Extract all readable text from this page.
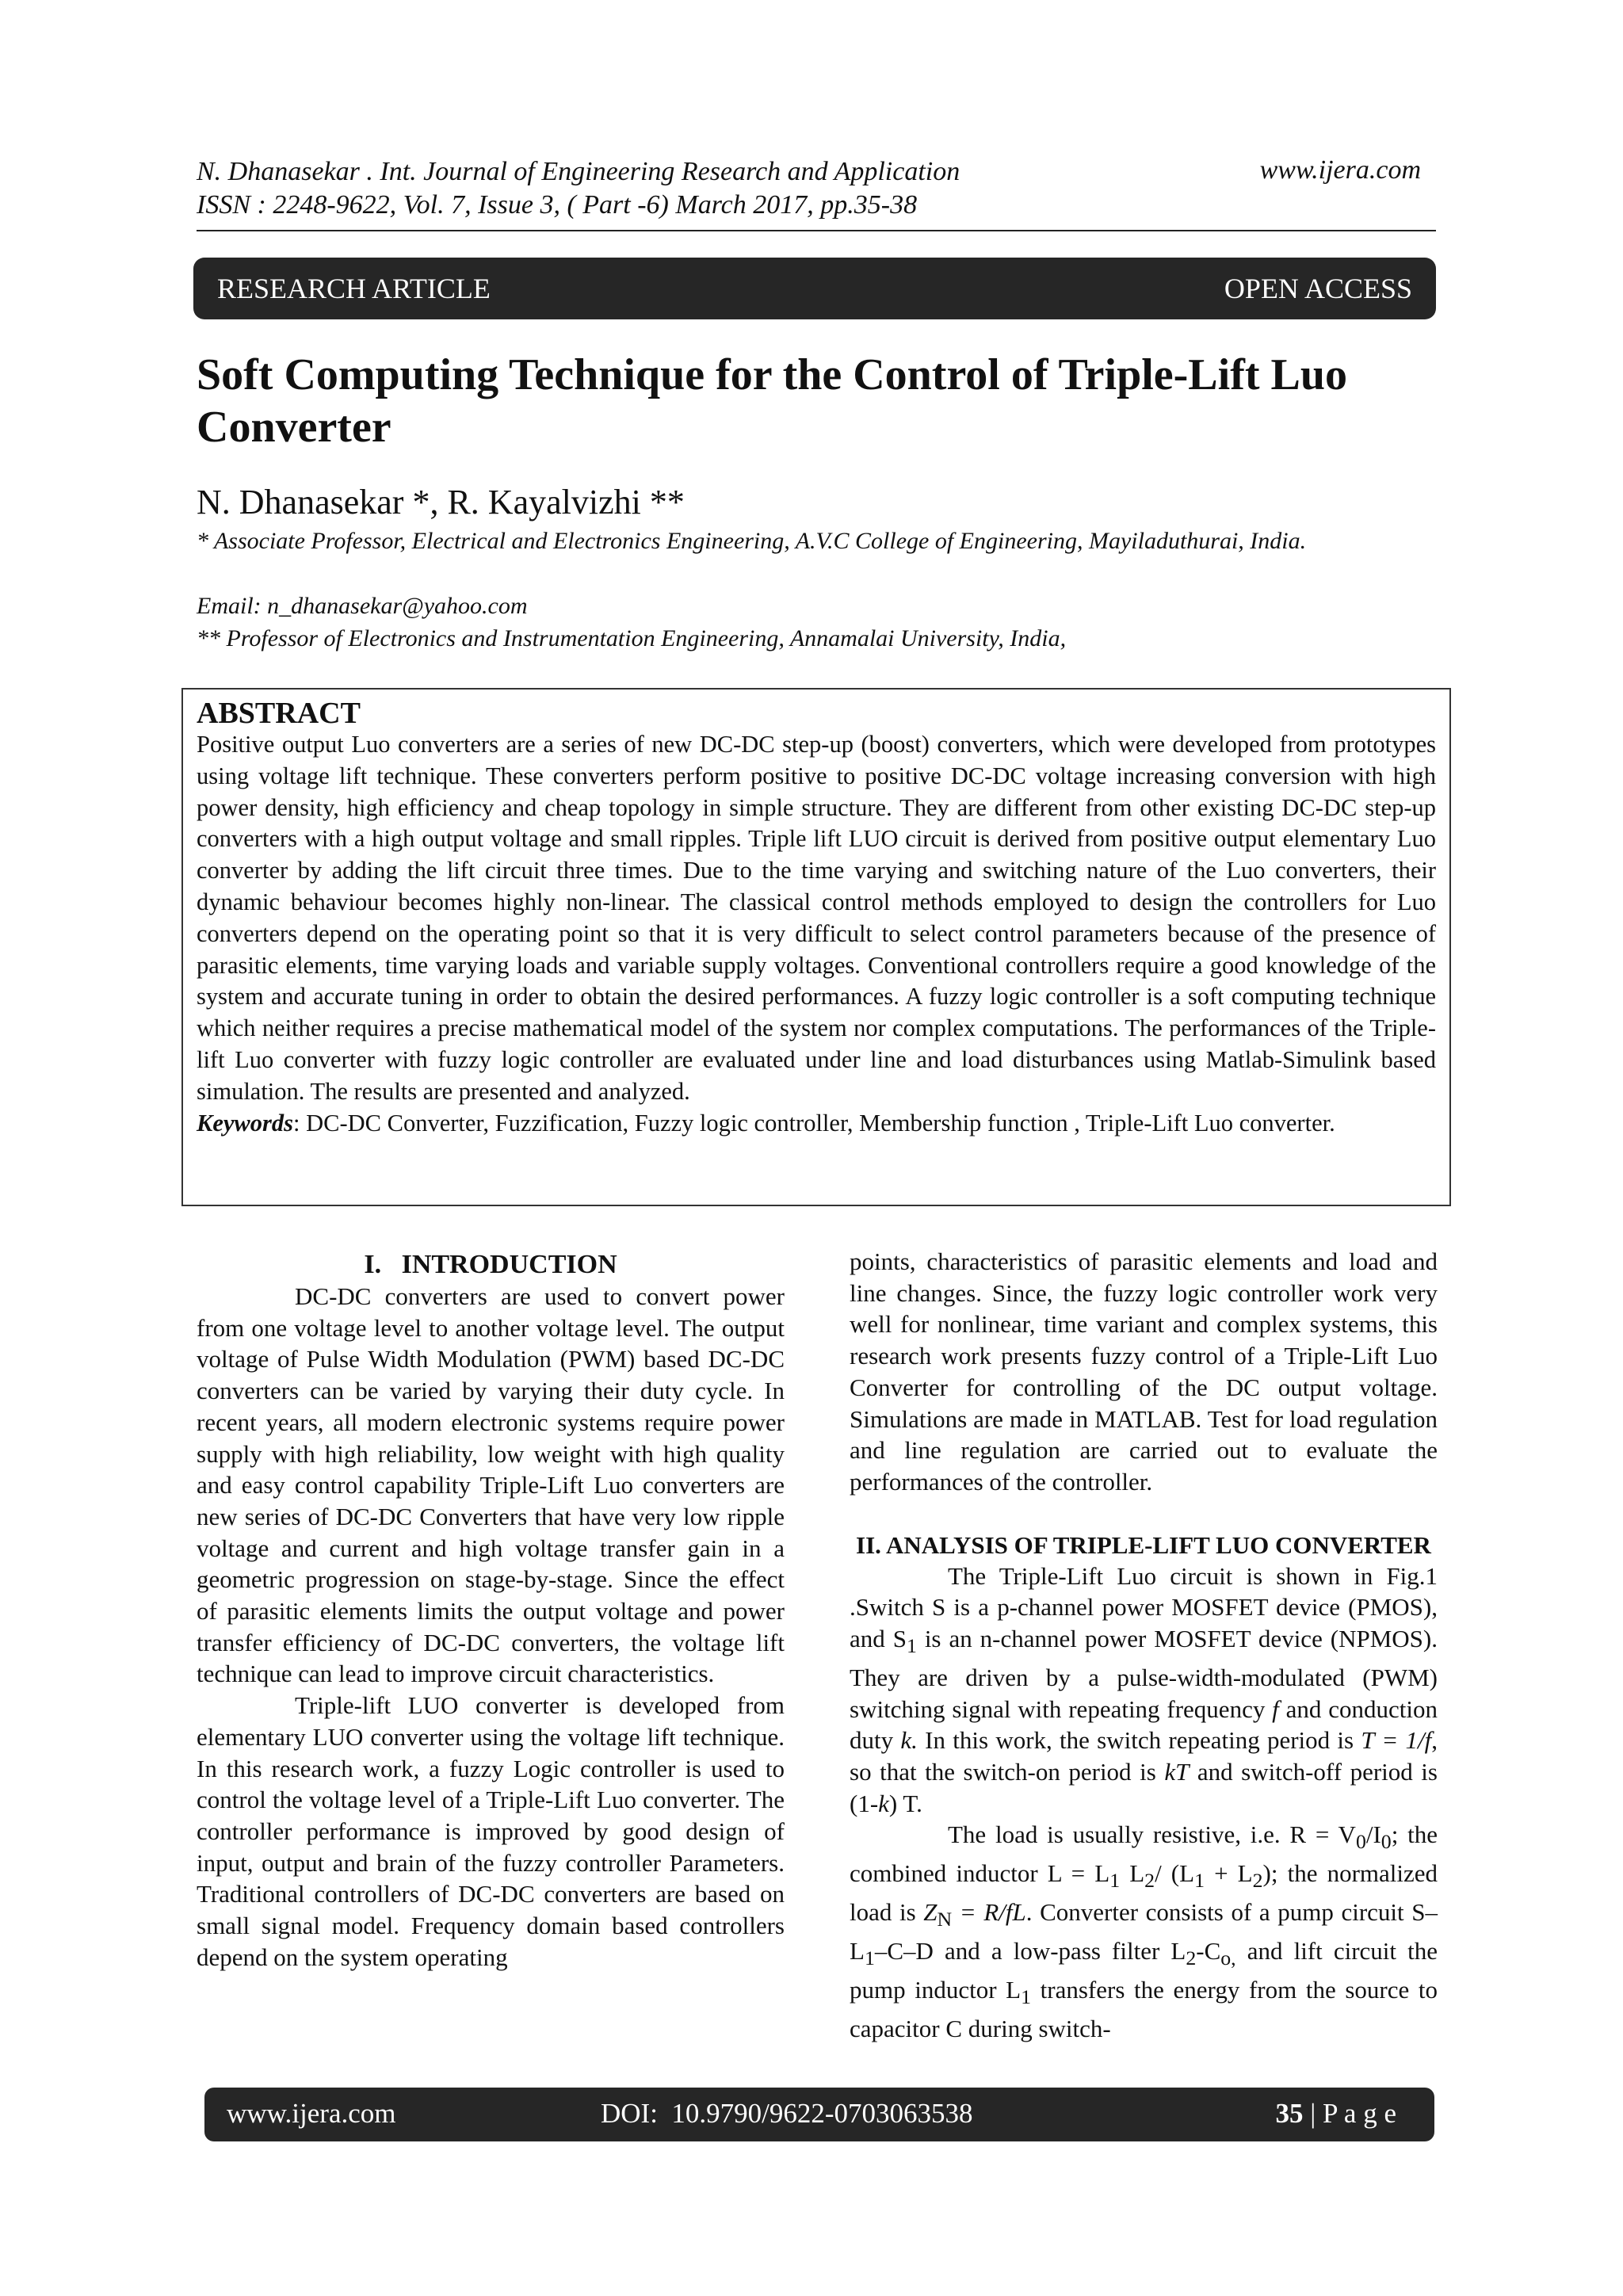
N. Dhanasekar . Int. Journal of Engineering Research and Application
ISSN : 2248-9622, Vol. 7, Issue 3, ( Part -6) March 2017, pp.35-38
www.ijera.com
RESEARCH ARTICLE	OPEN ACCESS
Soft Computing Technique for the Control of Triple-Lift Luo Converter
N. Dhanasekar *, R. Kayalvizhi **
* Associate Professor, Electrical and Electronics Engineering, A.V.C College of Engineering, Mayiladuthurai, India.
Email: n_dhanasekar@yahoo.com
** Professor of Electronics and Instrumentation Engineering, Annamalai University, India,
ABSTRACT

Positive output Luo converters are a series of new DC-DC step-up (boost) converters, which were developed from prototypes using voltage lift technique. These converters perform positive to positive DC-DC voltage increasing conversion with high power density, high efficiency and cheap topology in simple structure. They are different from other existing DC-DC step-up converters with a high output voltage and small ripples. Triple lift LUO circuit is derived from positive output elementary Luo converter by adding the lift circuit three times. Due to the time varying and switching nature of the Luo converters, their dynamic behaviour becomes highly non-linear. The classical control methods employed to design the controllers for Luo converters depend on the operating point so that it is very difficult to select control parameters because of the presence of parasitic elements, time varying loads and variable supply voltages. Conventional controllers require a good knowledge of the system and accurate tuning in order to obtain the desired performances. A fuzzy logic controller is a soft computing technique which neither requires a precise mathematical model of the system nor complex computations. The performances of the Triple-lift Luo converter with fuzzy logic controller are evaluated under line and load disturbances using Matlab-Simulink based simulation. The results are presented and analyzed.
Keywords: DC-DC Converter, Fuzzification, Fuzzy logic controller, Membership function , Triple-Lift Luo converter.

I.   INTRODUCTION

DC-DC converters are used to convert power from one voltage level to another voltage level. The output voltage of Pulse Width Modulation (PWM) based DC-DC converters can be varied by varying their duty cycle. In recent years, all modern electronic systems require power supply with high reliability, low weight with high quality and easy control capability Triple-Lift Luo converters are new series of DC-DC Converters that have very low ripple voltage and current and high voltage transfer gain in a geometric progression on stage-by-stage. Since the effect of parasitic elements limits the output voltage and power transfer efficiency of DC-DC converters, the voltage lift technique can lead to improve circuit characteristics.

Triple-lift LUO converter is developed from elementary LUO converter using the voltage lift technique. In this research work, a fuzzy Logic controller is used to control the voltage level of a Triple-Lift Luo converter. The controller performance is improved by good design of input, output and brain of the fuzzy controller Parameters. Traditional controllers of DC-DC converters are based on small signal model. Frequency domain based controllers depend on the system operating

points, characteristics of parasitic elements and load and line changes. Since, the fuzzy logic controller work very well for nonlinear, time variant and complex systems, this research work presents fuzzy control of a Triple-Lift Luo Converter for controlling of the DC output voltage. Simulations are made in MATLAB. Test for load regulation and line regulation are carried out to evaluate the performances of the controller.

II. ANALYSIS OF TRIPLE-LIFT LUO CONVERTER

The Triple-Lift Luo circuit is shown in Fig.1 .Switch S is a p-channel power MOSFET device (PMOS), and $S_1$ is an n-channel power MOSFET device (NPMOS). They are driven by a pulse-width-modulated (PWM) switching signal with repeating frequency f and conduction duty k. In this work, the switch repeating period is T = 1/f, so that the switch-on period is kT and switch-off period is (1-k) T.

The load is usually resistive, i.e. $R = V_0/I_0$; the combined inductor $L = L_1$ $L_2/$ $(L_1 + L_2)$; the normalized load is $Z_N = R/fL$. Converter consists of a pump circuit $S-L_1-C-D$ and a low-pass filter $L_2-C_{o,}$ and lift circuit the pump inductor $L_1$ transfers the energy from the source to capacitor C during switch-

www.ijera.com	DOI:  10.9790/9622-0703063538	35 | P a g e
